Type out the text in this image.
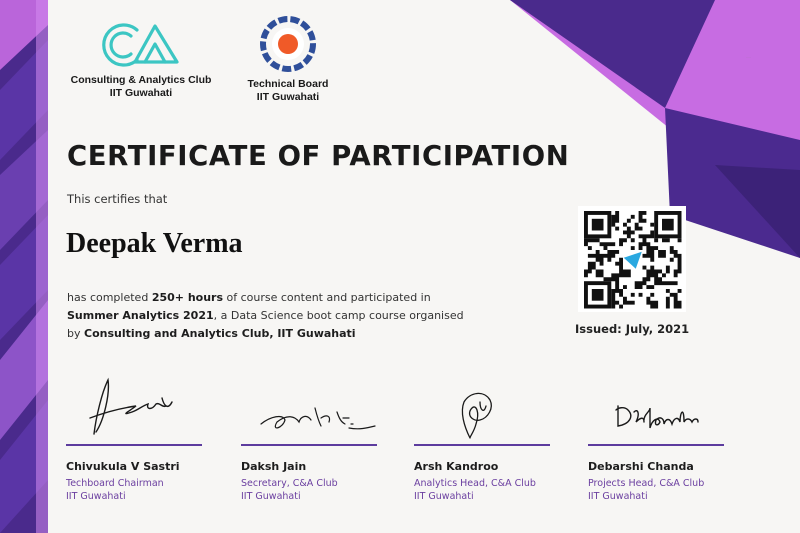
·····
Consulting & Analytics Club
IIT Guwahati
Technical Board
IIT Guwahati
CERTIFICATE OF PARTICIPATION
This certifies that
Deepak Verma
has completed 250+ hours of course content and participated in
Summer Analytics 2021, a Data Science boot camp course organised
by Consulting and Analytics Club, IIT Guwahati	Issued: July, 2021
Chivukula V Sastri
Techboard Chairman
IIT Guwahati
Daksh Jain
Secretary, C&A Club
IIT Guwahati
Arsh Kandroo
Analytics Head, C&A Club
IIT Guwahati
Debarshi Chanda
Projects Head, C&A Club
IIT Guwahati
